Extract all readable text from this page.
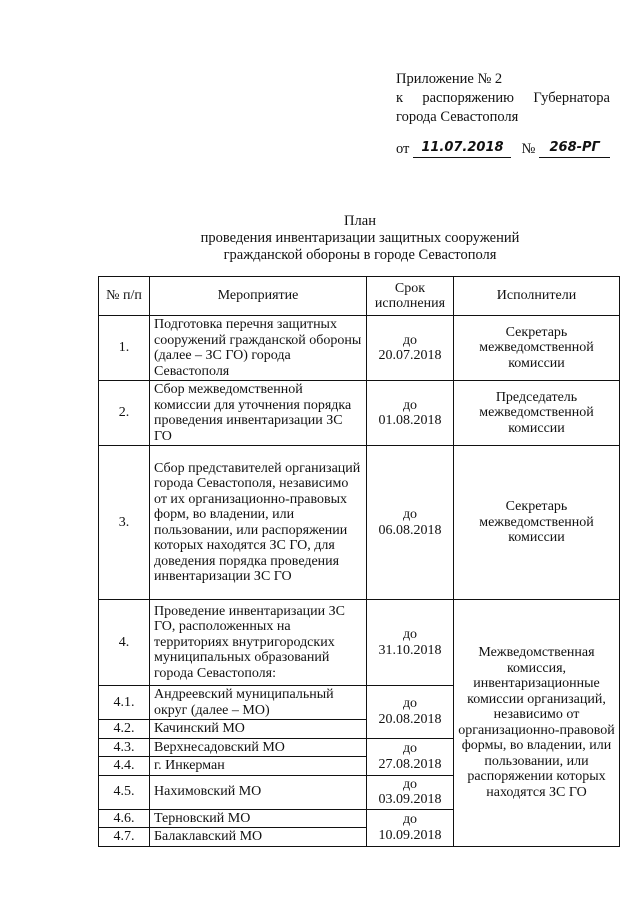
Приложение № 2
к распоряжению Губернатора
города Севастополя
от 11.07.2018	№	268-РГ
План
проведения инвентаризации защитных сооружений
гражданской обороны в городе Севастополя
№ п/п	Мероприятие	Срок исполнения	Исполнители
1.	Подготовка перечня защитных сооружений гражданской обороны (далее – ЗС ГО) города Севастополя	до 20.07.2018	Секретарь межведомственной комиссии
2.	Сбор межведомственной комиссии для уточнения порядка проведения инвентаризации ЗС ГО	до 01.08.2018	Председатель межведомственной комиссии
3.	Сбор представителей организаций города Севастополя, независимо от их организационно-правовых форм, во владении, или пользовании, или распоряжении которых находятся ЗС ГО, для доведения порядка проведения инвентаризации ЗС ГО	до 06.08.2018	Секретарь межведомственной комиссии
4.	Проведение инвентаризации ЗС ГО, расположенных на территориях внутригородских муниципальных образований города Севастополя:	до 31.10.2018	Межведомственная комиссия, инвентаризационные комиссии организаций, независимо от организационно-правовой формы, во владении, или пользовании, или распоряжении которых находятся ЗС ГО
4.1.	Андреевский муниципальный округ (далее – МО)	до 20.08.2018	
4.2.	Качинский МО		
4.3.	Верхнесадовский МО	до 27.08.2018	
4.4.	г. Инкерман		
4.5.	Нахимовский МО	до 03.09.2018	
4.6.	Терновский МО	до 10.09.2018	
4.7.	Балаклавский МО		
